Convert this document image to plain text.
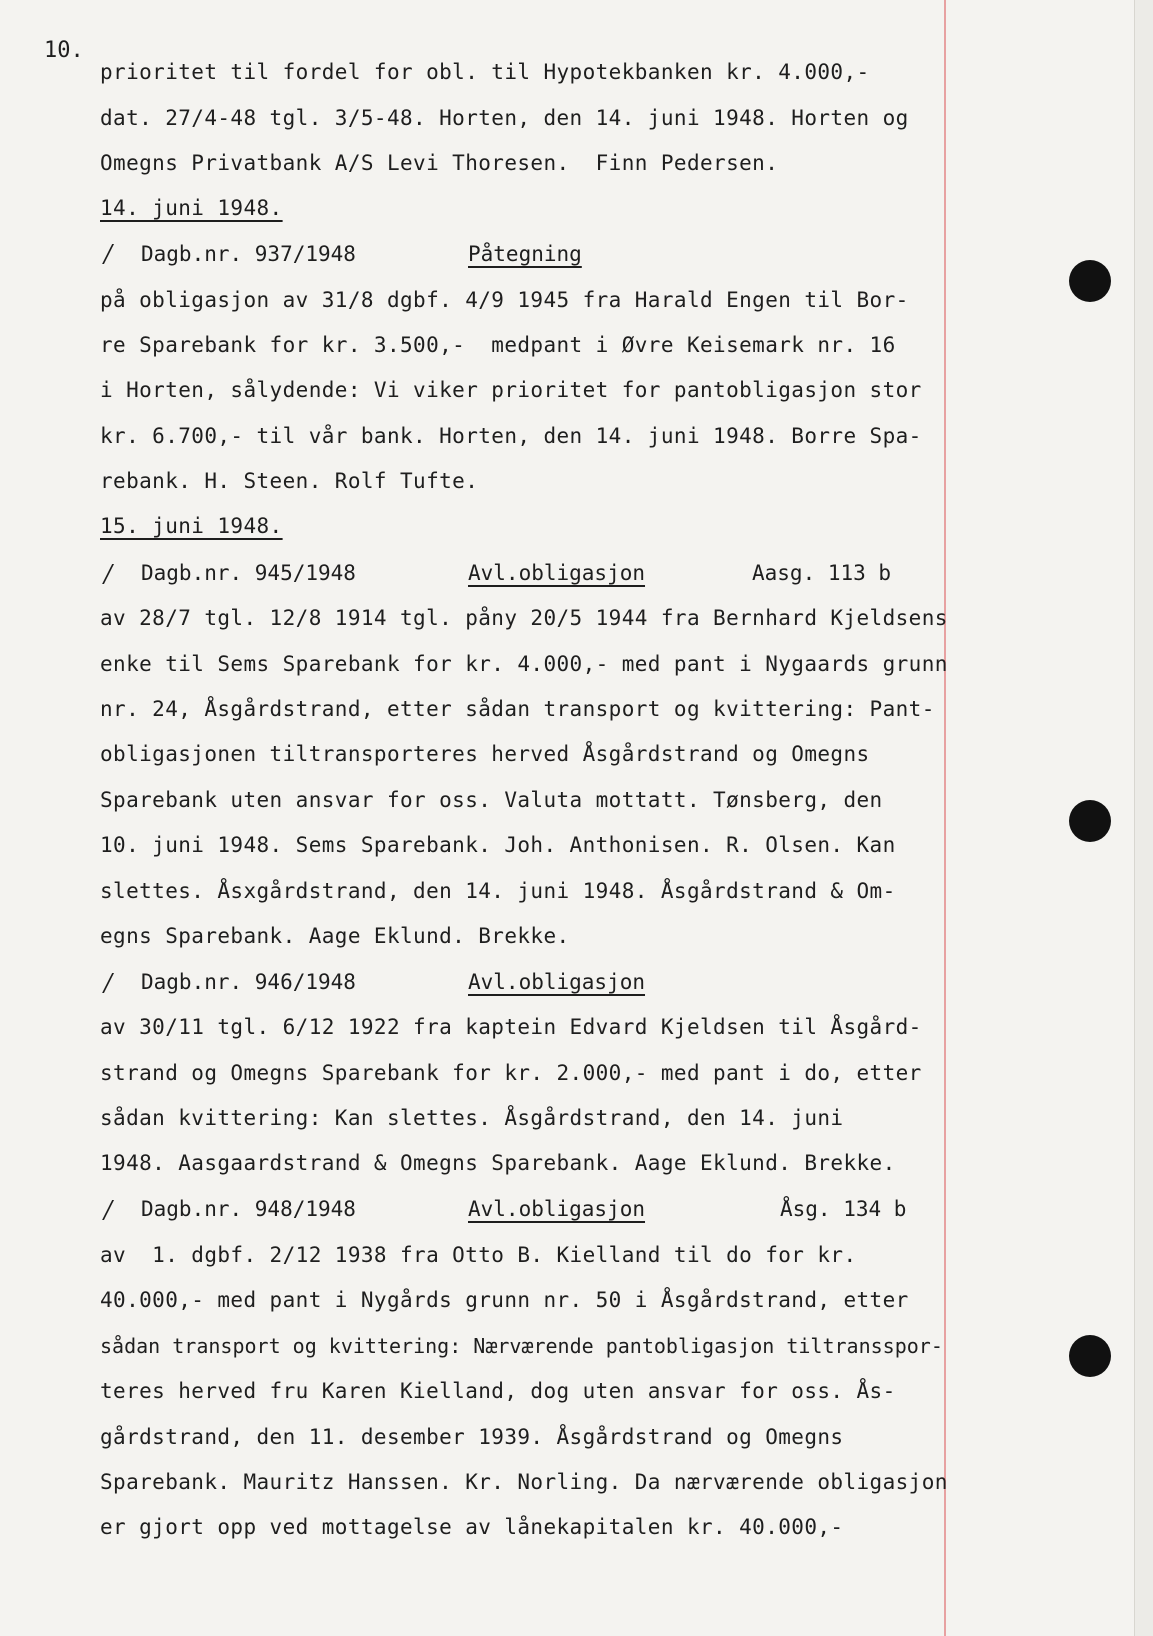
10.
prioritet til fordel for obl. til Hypotekbanken kr. 4.000,-
dat. 27/4-48 tgl. 3/5-48. Horten, den 14. juni 1948. Horten og
Omegns Privatbank A/S Levi Thoresen.  Finn Pedersen.
14. juni 1948.
/ Dagb.nr. 937/1948	Påtegning
på obligasjon av 31/8 dgbf. 4/9 1945 fra Harald Engen til Bor-
re Sparebank for kr. 3.500,-  medpant i Øvre Keisemark nr. 16
i Horten, sålydende: Vi viker prioritet for pantobligasjon stor
kr. 6.700,- til vår bank. Horten, den 14. juni 1948. Borre Spa-
rebank. H. Steen. Rolf Tufte.
15. juni 1948.
/ Dagb.nr. 945/1948	Avl.obligasjon	Aasg. 113 b
av 28/7 tgl. 12/8 1914 tgl. påny 20/5 1944 fra Bernhard Kjeldsens
enke til Sems Sparebank for kr. 4.000,- med pant i Nygaards grunn
nr. 24, Åsgårdstrand, etter sådan transport og kvittering: Pant-
obligasjonen tiltransporteres herved Åsgårdstrand og Omegns
Sparebank uten ansvar for oss. Valuta mottatt. Tønsberg, den
10. juni 1948. Sems Sparebank. Joh. Anthonisen. R. Olsen. Kan
slettes. Åsxgårdstrand, den 14. juni 1948. Åsgårdstrand & Om-
egns Sparebank. Aage Eklund. Brekke.
/ Dagb.nr. 946/1948	Avl.obligasjon
av 30/11 tgl. 6/12 1922 fra kaptein Edvard Kjeldsen til Åsgård-
strand og Omegns Sparebank for kr. 2.000,- med pant i do, etter
sådan kvittering: Kan slettes. Åsgårdstrand, den 14. juni
1948. Aasgaardstrand & Omegns Sparebank. Aage Eklund. Brekke.
/ Dagb.nr. 948/1948	Avl.obligasjon	Åsg. 134 b
av  1. dgbf. 2/12 1938 fra Otto B. Kielland til do for kr.
40.000,- med pant i Nygårds grunn nr. 50 i Åsgårdstrand, etter
sådan transport og kvittering: Nærværende pantobligasjon tiltransspor-
teres herved fru Karen Kielland, dog uten ansvar for oss. Ås-
gårdstrand, den 11. desember 1939. Åsgårdstrand og Omegns
Sparebank. Mauritz Hanssen. Kr. Norling. Da nærværende obligasjon
er gjort opp ved mottagelse av lånekapitalen kr. 40.000,-
